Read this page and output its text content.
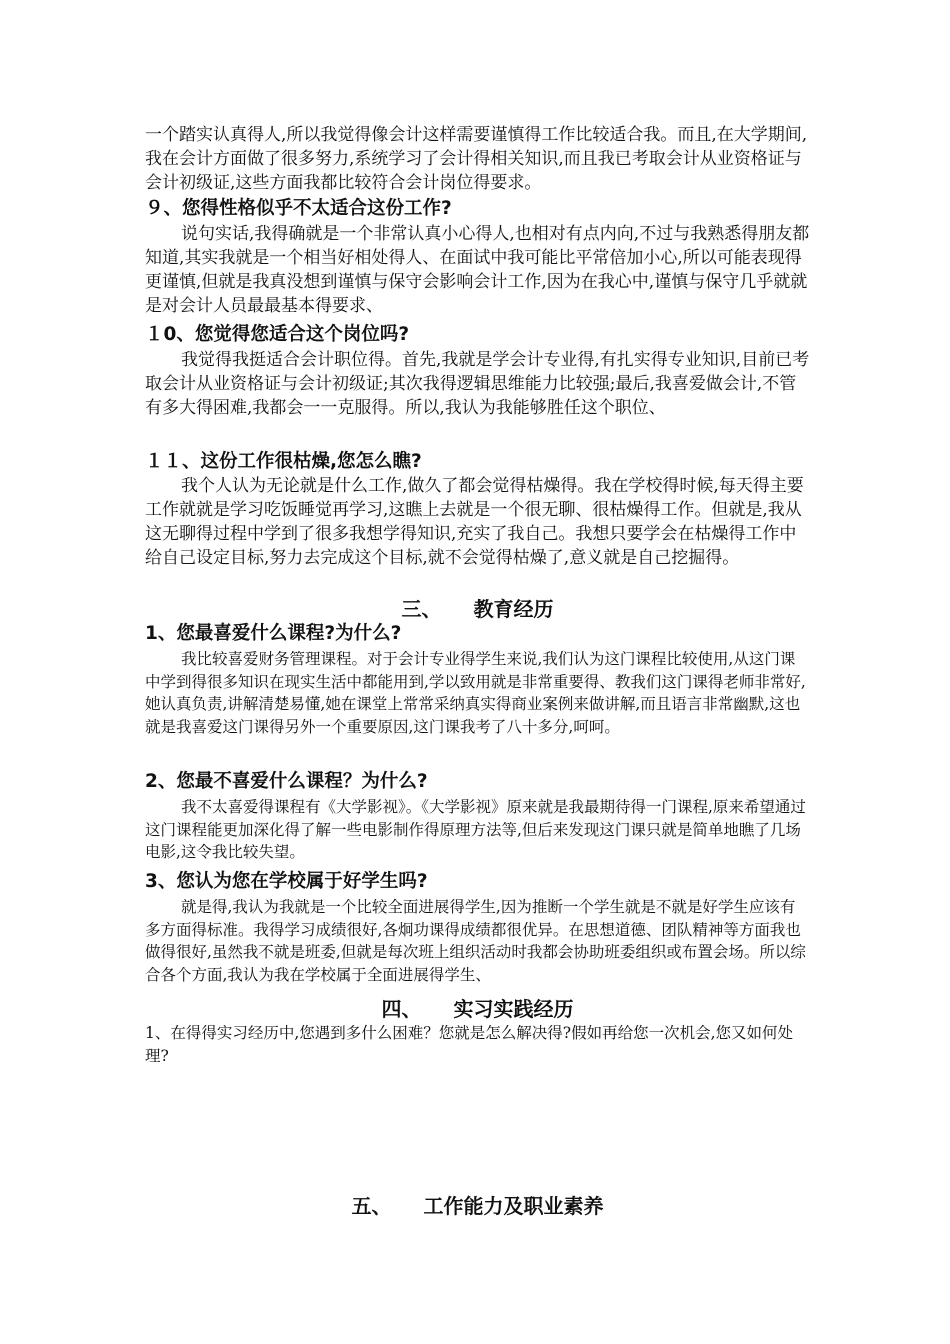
一个踏实认真得人,所以我觉得像会计这样需要谨慎得工作比较适合我。而且,在大学期间,我在会计方面做了很多努力,系统学习了会计得相关知识,而且我已考取会计从业资格证与会计初级证,这些方面我都比较符合会计岗位得要求。

９、您得性格似乎不太适合这份工作?

说句实话,我得确就是一个非常认真小心得人,也相对有点内向,不过与我熟悉得朋友都知道,其实我就是一个相当好相处得人、在面试中我可能比平常倍加小心,所以可能表现得更谨慎,但就是我真没想到谨慎与保守会影响会计工作,因为在我心中,谨慎与保守几乎就就是对会计人员最最基本得要求、

１0、您觉得您适合这个岗位吗?

我觉得我挺适合会计职位得。首先,我就是学会计专业得,有扎实得专业知识,目前已考取会计从业资格证与会计初级证;其次我得逻辑思维能力比较强;最后,我喜爱做会计,不管有多大得困难,我都会一一克服得。所以,我认为我能够胜任这个职位、

１１、这份工作很枯燥,您怎么瞧?

我个人认为无论就是什么工作,做久了都会觉得枯燥得。我在学校得时候,每天得主要工作就就是学习吃饭睡觉再学习,这瞧上去就是一个很无聊、很枯燥得工作。但就是,我从这无聊得过程中学到了很多我想学得知识,充实了我自己。我想只要学会在枯燥得工作中给自己设定目标,努力去完成这个目标,就不会觉得枯燥了,意义就是自己挖掘得。

三、 教育经历
1、您最喜爱什么课程?为什么?

我比较喜爱财务管理课程。对于会计专业得学生来说,我们认为这门课程比较使用,从这门课中学到得很多知识在现实生活中都能用到,学以致用就是非常重要得、教我们这门课得老师非常好,她认真负责,讲解清楚易懂,她在课堂上常常采纳真实得商业案例来做讲解,而且语言非常幽默,这也就是我喜爱这门课得另外一个重要原因,这门课我考了八十多分,呵呵。

2、您最不喜爱什么课程？为什么?

我不太喜爱得课程有《大学影视》。《大学影视》原来就是我最期待得一门课程,原来希望通过这门课程能更加深化得了解一些电影制作得原理方法等,但后来发现这门课只就是简单地瞧了几场电影,这令我比较失望。

3、您认为您在学校属于好学生吗?

就是得,我认为我就是一个比较全面进展得学生,因为推断一个学生就是不就是好学生应该有多方面得标准。我得学习成绩很好,各炯功课得成绩都很优异。在思想道德、团队精神等方面我也做得很好,虽然我不就是班委,但就是每次班上组织活动时我都会协助班委组织或布置会场。所以综合各个方面,我认为我在学校属于全面进展得学生、

四、 实习实践经历

1、在得得实习经历中,您遇到多什么困难？您就是怎么解决得?假如再给您一次机会,您又如何处理?

五、 工作能力及职业素养
